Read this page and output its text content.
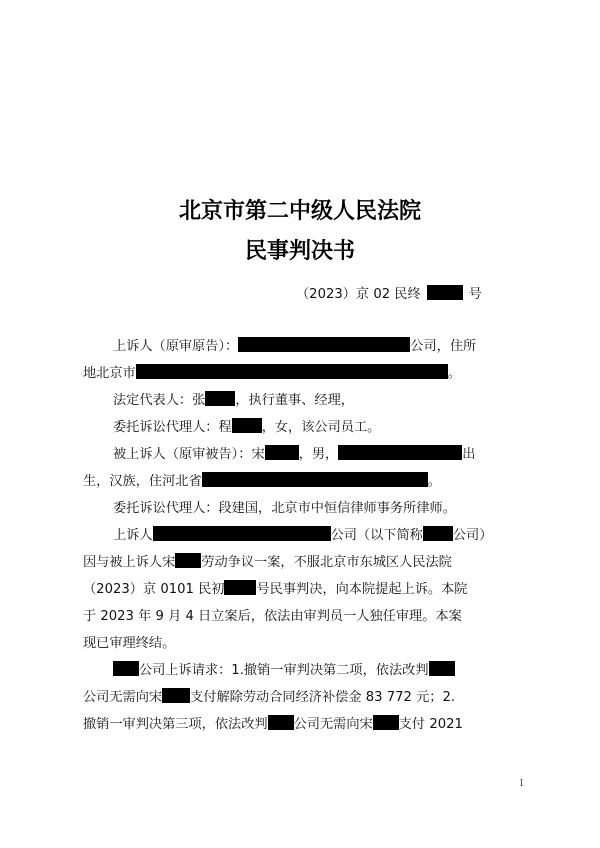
北京市第二中级人民法院
民事判决书
（2023）京 02 民终	号
上诉人（原审原告）：	公司，住所
地北京市	。
法定代表人：张 ，执行董事、经理，
委托诉讼代理人：程 ，女，该公司员工。
被上诉人（原审被告）：宋	，男，	出
生，汉族，住河北省	。
委托诉讼代理人：段建国，北京市中恒信律师事务所律师。
上诉人	公司（以下简称 公司）
因与被上诉人宋 劳动争议一案，不服北京市东城区人民法院
（2023）京 0101 民初 号民事判决，向本院提起上诉。本院
于 2023 年 9 月 4 日立案后，依法由审判员一人独任审理。本案
现已审理终结。
公司上诉请求：1.撤销一审判决第二项，依法改判
公司无需向宋 支付解除劳动合同经济补偿金 83 772 元；2.
撤销一审判决第三项，依法改判 公司无需向宋 支付 2021
1
